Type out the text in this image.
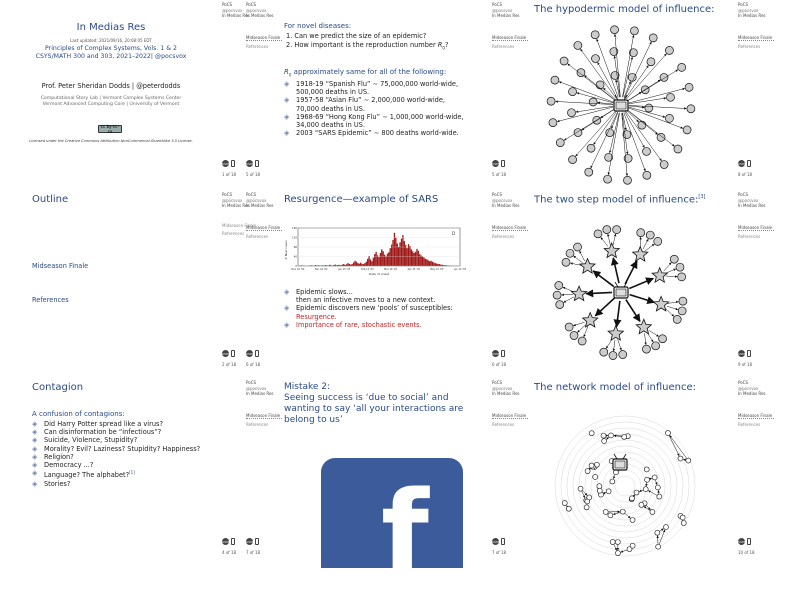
In Medias Res
Last updated: 2021/09/16, 20:08:05 EDT
Principles of Complex Systems, Vols. 1 & 2
CSYS/MATH 300 and 303, 2021–2022| @pocsvox
Prof. Peter Sheridan Dodds | @peterdodds
Computational Story Lab | Vermont Complex Systems Center
Vermont Advanced Computing Core | University of Vermont
cc by-nc-sa
Licensed under the Creative Commons Attribution-NonCommercial-ShareAlike 3.0 License.
PoCS
@pocsvox
In Medias Res
UVM
1 of 18
Outline
Midseason Finale
References
PoCS
@pocsvox
In Medias Res
Midseason Finale
References
UVM
2 of 18
Contagion
A confusion of contagions:
◈ Did Harry Potter spread like a virus?
◈ Can disinformation be “infectious”?
◈ Suicide, Violence, Stupidity?
◈ Morality? Evil? Laziness? Stupidity? Happiness?
◈ Religion?
◈ Democracy ...?
◈ Language? The alphabet?[1]
◈ Stories?
UVM
4 of 18
PoCS
@pocsvox
In Medias Res
Midseason Finale
References
For novel diseases:
1. Can we predict the size of an epidemic?
2. How important is the reproduction number $R_0$?
$R_0$ approximately same for all of the following:
◈ 1918-19 “Spanish Flu” ∼ 75,000,000 world-wide,
500,000 deaths in US.
◈ 1957-58 “Asian Flu” ∼ 2,000,000 world-wide,
70,000 deaths in US.
◈ 1968-69 “Hong Kong Flu” ∼ 1,000,000 world-wide,
34,000 deaths in US.
◈ 2003 “SARS Epidemic” ∼ 800 deaths world-wide.
UVM
5 of 18
PoCS
@pocsvox
In Medias Res
Midseason Finale
References
Resurgence—example of SARS
◈ Epidemic slows...
then an infective moves to a new context.
◈ Epidemic discovers new ‘pools’ of susceptibles:
Resurgence.
◈ Importance of rare, stochastic events.
UVM
6 of 18
160
120
80
40
0
Nov 16 '02	Dec 16 '02	Jan 15 '03	Feb 14 '03	Mar 16 '03	Apr 15 '03	May 15 '03	Jun 14 '03
D
# New cases
Date of onset
PoCS
@pocsvox
In Medias Res
Midseason Finale
References
Mistake 2:
Seeing success is ‘due to social’ and
wanting to say ‘all your interactions are
belong to us’
f
UVM
7 of 18
PoCS
@pocsvox
In Medias Res
Midseason Finale
References
The hypodermic model of influence:
UVM
5 of 18
PoCS
@pocsvox
In Medias Res
Midseason Finale
References
UVM
8 of 18
PoCS
@pocsvox
In Medias Res
Midseason Finale
References
The two step model of influence:[3]
UVM
6 of 18
PoCS
@pocsvox
In Medias Res
Midseason Finale
References
UVM
9 of 18
PoCS
@pocsvox
In Medias Res
Midseason Finale
References
The network model of influence:
UVM
7 of 18
PoCS
@pocsvox
In Medias Res
Midseason Finale
References
UVM
10 of 18
